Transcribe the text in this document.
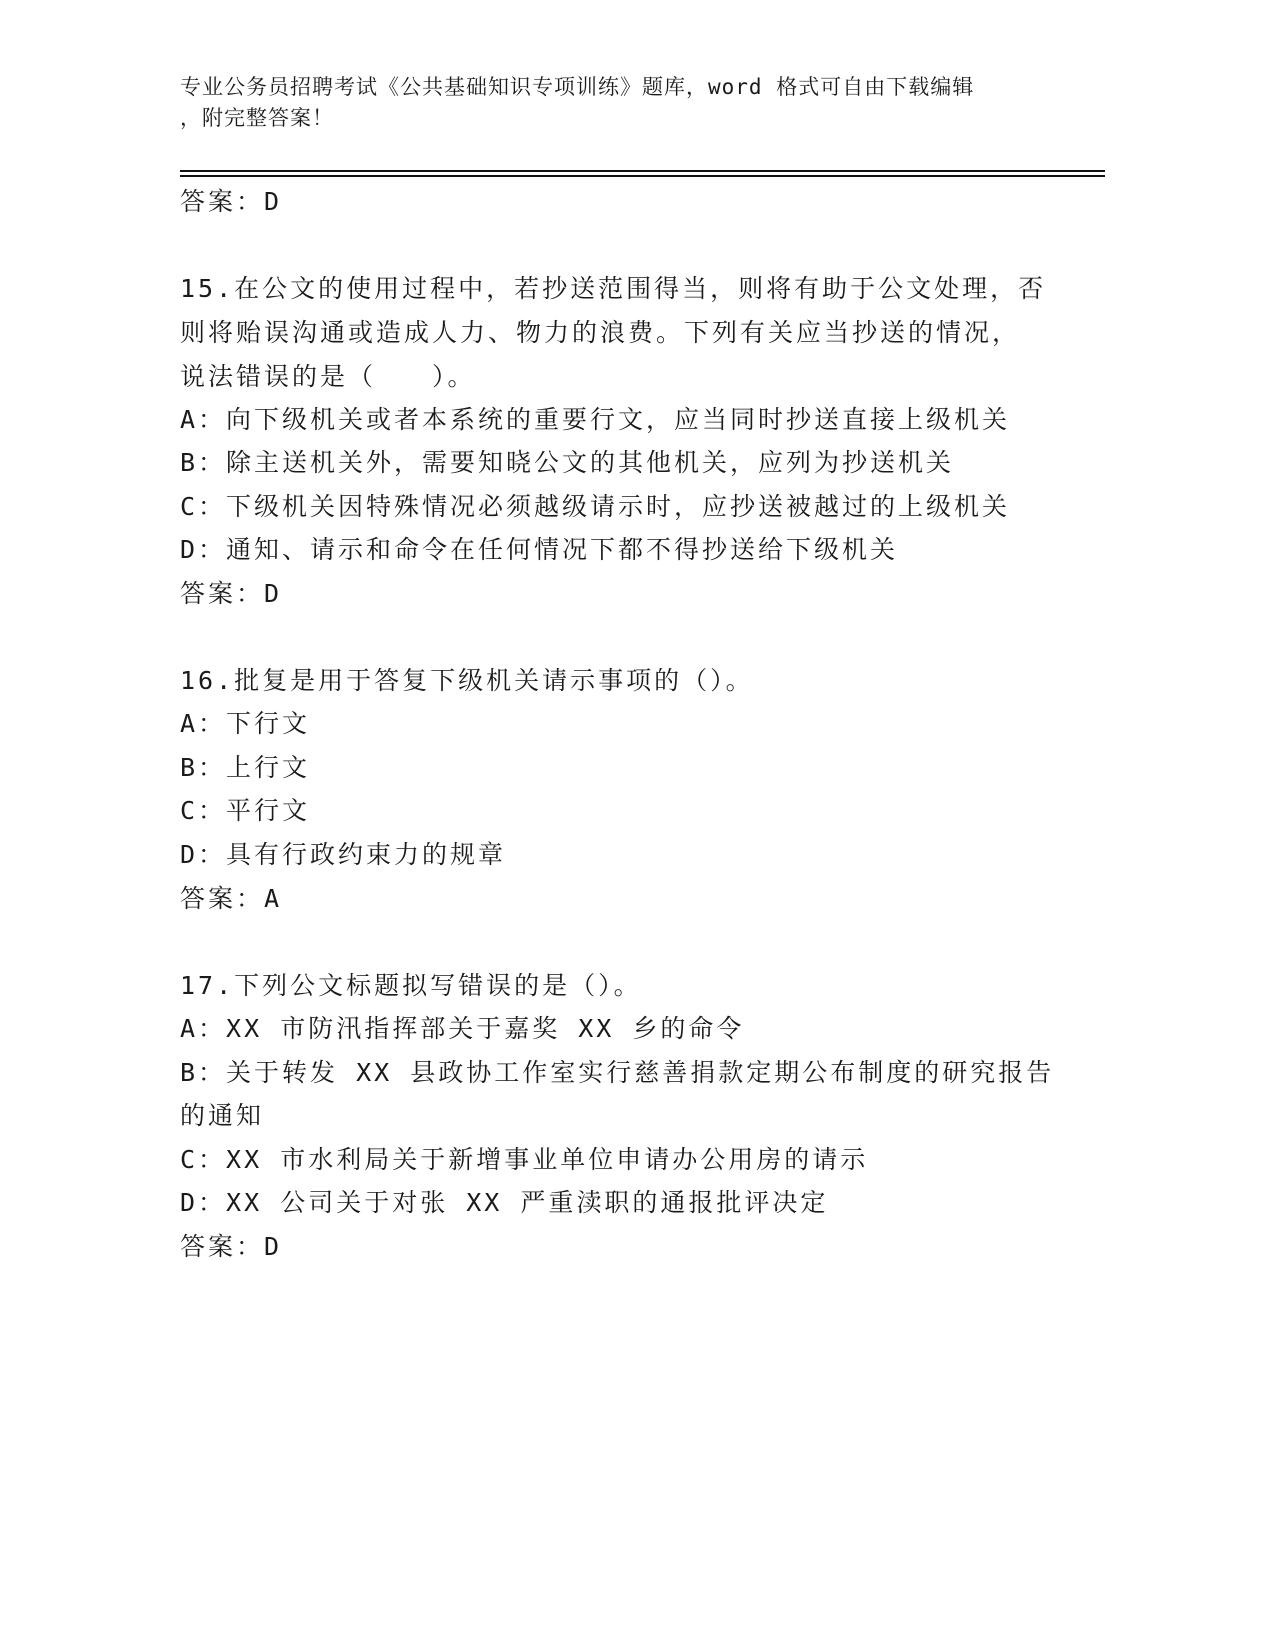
专业公务员招聘考试《公共基础知识专项训练》题库，word 格式可自由下载编辑
，附完整答案！
答案：D
15.在公文的使用过程中，若抄送范围得当，则将有助于公文处理，否
则将贻误沟通或造成人力、物力的浪费。下列有关应当抄送的情况，
说法错误的是（　　）。
A：向下级机关或者本系统的重要行文，应当同时抄送直接上级机关
B：除主送机关外，需要知晓公文的其他机关，应列为抄送机关
C：下级机关因特殊情况必须越级请示时，应抄送被越过的上级机关
D：通知、请示和命令在任何情况下都不得抄送给下级机关
答案：D
16.批复是用于答复下级机关请示事项的（）。
A：下行文
B：上行文
C：平行文
D：具有行政约束力的规章
答案：A
17.下列公文标题拟写错误的是（）。
A：XX 市防汛指挥部关于嘉奖 XX 乡的命令
B：关于转发 XX 县政协工作室实行慈善捐款定期公布制度的研究报告
的通知
C：XX 市水利局关于新增事业单位申请办公用房的请示
D：XX 公司关于对张 XX 严重渎职的通报批评决定
答案：D
